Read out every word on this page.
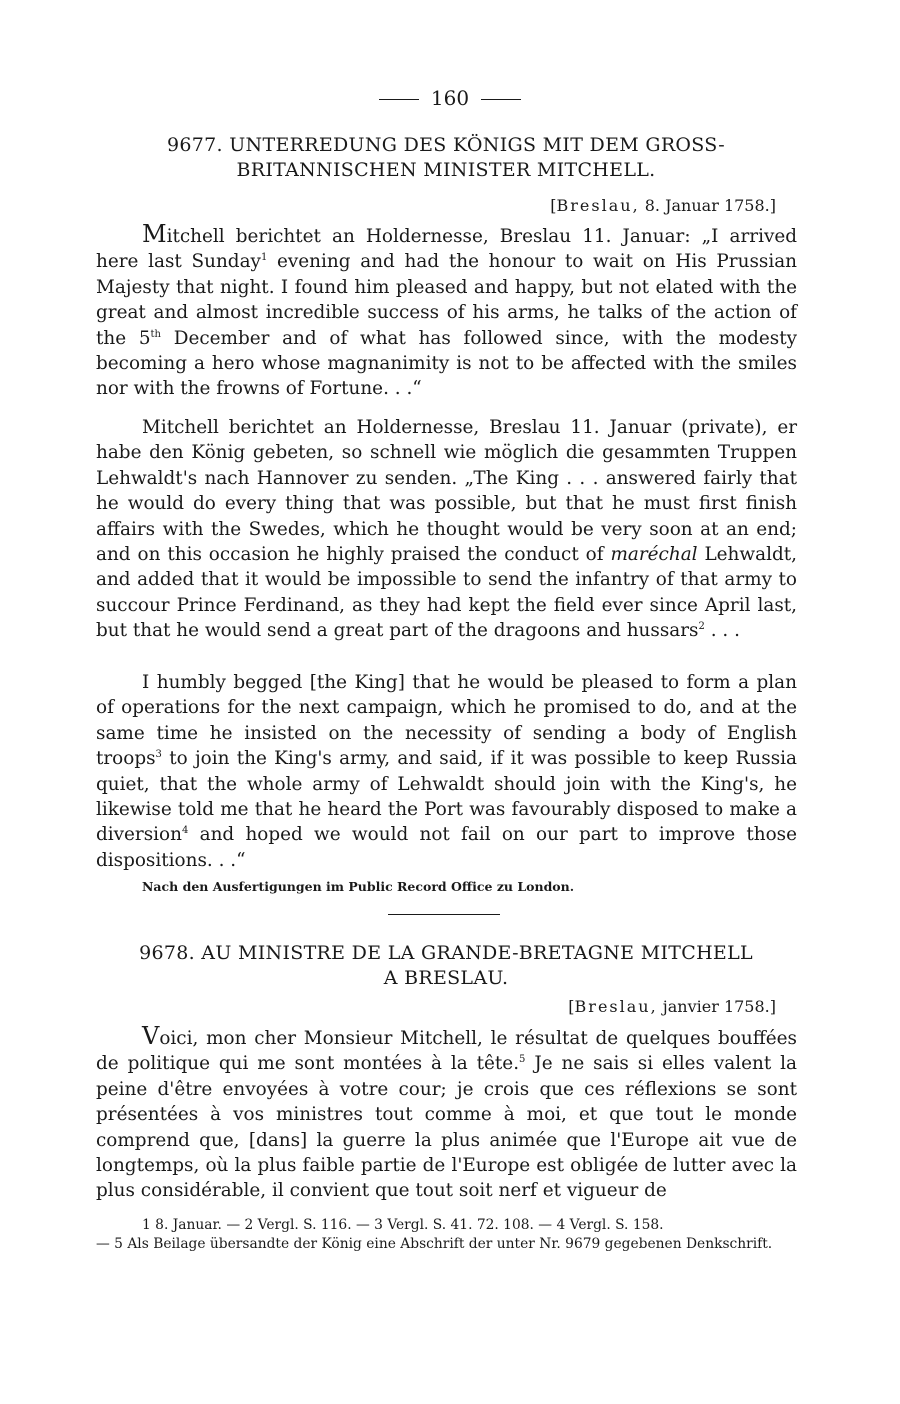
160
9677. UNTERREDUNG DES KÖNIGS MIT DEM GROSS-
BRITANNISCHEN MINISTER MITCHELL.
[Breslau, 8. Januar 1758.]

Mitchell berichtet an Holdernesse, Breslau 11. Januar: „I arrived here last Sunday$^1$ evening and had the honour to wait on His Prussian Majesty that night. I found him pleased and happy, but not elated with the great and almost incredible success of his arms, he talks of the action of the 5th December and of what has followed since, with the modesty becoming a hero whose magnanimity is not to be affected with the smiles nor with the frowns of Fortune. . .“

Mitchell berichtet an Holdernesse, Breslau 11. Januar (private), er habe den König gebeten, so schnell wie möglich die gesammten Truppen Lehwaldt's nach Hannover zu senden. „The King . . . answered fairly that he would do every thing that was possible, but that he must first finish affairs with the Swedes, which he thought would be very soon at an end; and on this occasion he highly praised the conduct of maréchal Lehwaldt, and added that it would be impossible to send the infantry of that army to succour Prince Ferdinand, as they had kept the field ever since April last, but that he would send a great part of the dragoons and hussars$^2$ . . .

I humbly begged [the King] that he would be pleased to form a plan of operations for the next campaign, which he promised to do, and at the same time he insisted on the necessity of sending a body of English troops$^3$ to join the King's army, and said, if it was possible to keep Russia quiet, that the whole army of Lehwaldt should join with the King's, he likewise told me that he heard the Port was favourably disposed to make a diversion$^4$ and hoped we would not fail on our part to improve those dispositions. . .“

Nach den Ausfertigungen im Public Record Office zu London.
9678. AU MINISTRE DE LA GRANDE-BRETAGNE MITCHELL
A BRESLAU.
[Breslau, janvier 1758.]

Voici, mon cher Monsieur Mitchell, le résultat de quelques bouffées de politique qui me sont montées à la tête.$^5$ Je ne sais si elles valent la peine d'être envoyées à votre cour; je crois que ces réflexions se sont présentées à vos ministres tout comme à moi, et que tout le monde comprend que, [dans] la guerre la plus animée que l'Europe ait vue de longtemps, où la plus faible partie de l'Europe est obligée de lutter avec la plus considérable, il convient que tout soit nerf et vigueur de

1 8. Januar. — 2 Vergl. S. 116. — 3 Vergl. S. 41. 72. 108. — 4 Vergl. S. 158.
— 5 Als Beilage übersandte der König eine Abschrift der unter Nr. 9679 gegebenen Denkschrift.
